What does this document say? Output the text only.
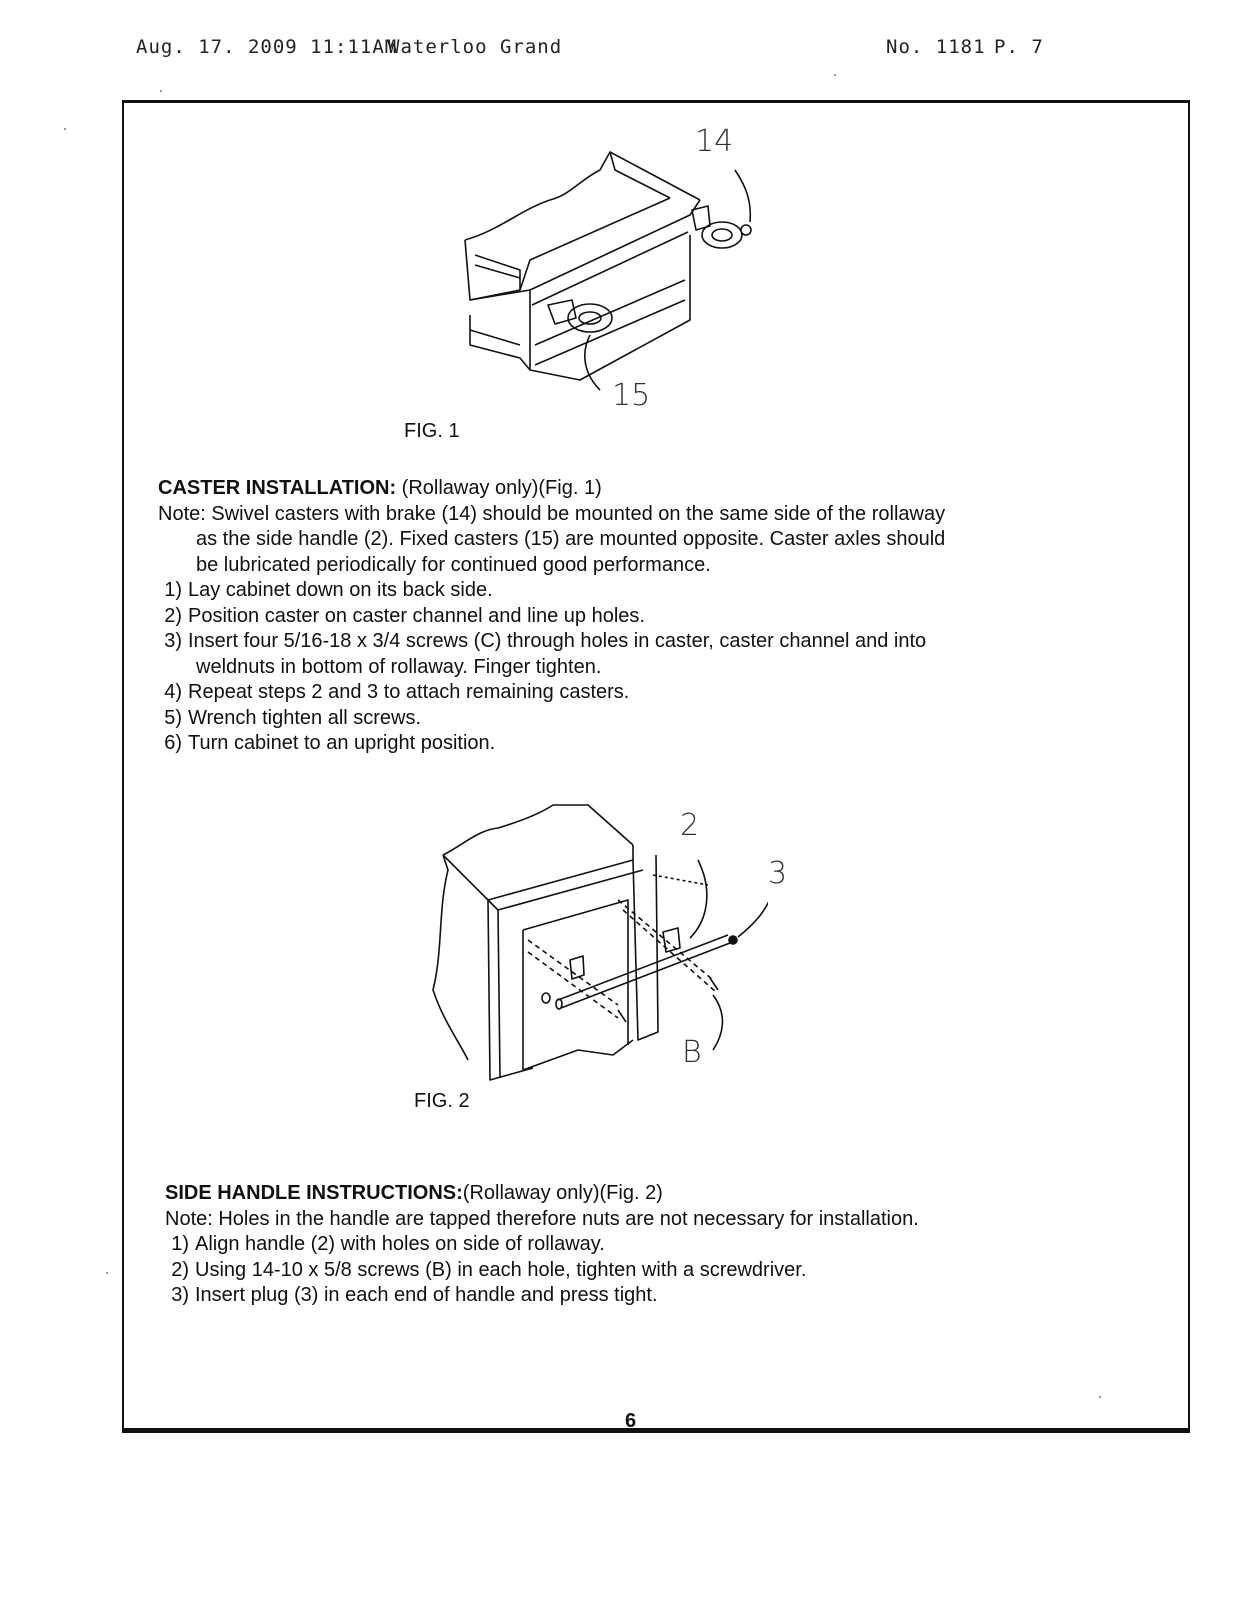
Aug. 17. 2009 11:11AM
Waterloo Grand	No. 1181 P. 7
14
15
FIG. 1
CASTER INSTALLATION: (Rollaway only)(Fig. 1)
Note: Swivel casters with brake (14) should be mounted on the same side of the rollaway
as the side handle (2). Fixed casters (15) are mounted opposite. Caster axles should
be lubricated periodically for continued good performance.
1) Lay cabinet down on its back side.
2) Position caster on caster channel and line up holes.
3) Insert four 5/16-18 x 3/4 screws (C) through holes in caster, caster channel and into
weldnuts in bottom of rollaway. Finger tighten.
4) Repeat steps 2 and 3 to attach remaining casters.
5) Wrench tighten all screws.
6) Turn cabinet to an upright position.
2
3
B
FIG. 2
SIDE HANDLE INSTRUCTIONS:(Rollaway only)(Fig. 2)
Note: Holes in the handle are tapped therefore nuts are not necessary for installation.
1) Align handle (2) with holes on side of rollaway.
2) Using 14-10 x 5/8 screws (B) in each hole, tighten with a screwdriver.
3) Insert plug (3) in each end of handle and press tight.
6
